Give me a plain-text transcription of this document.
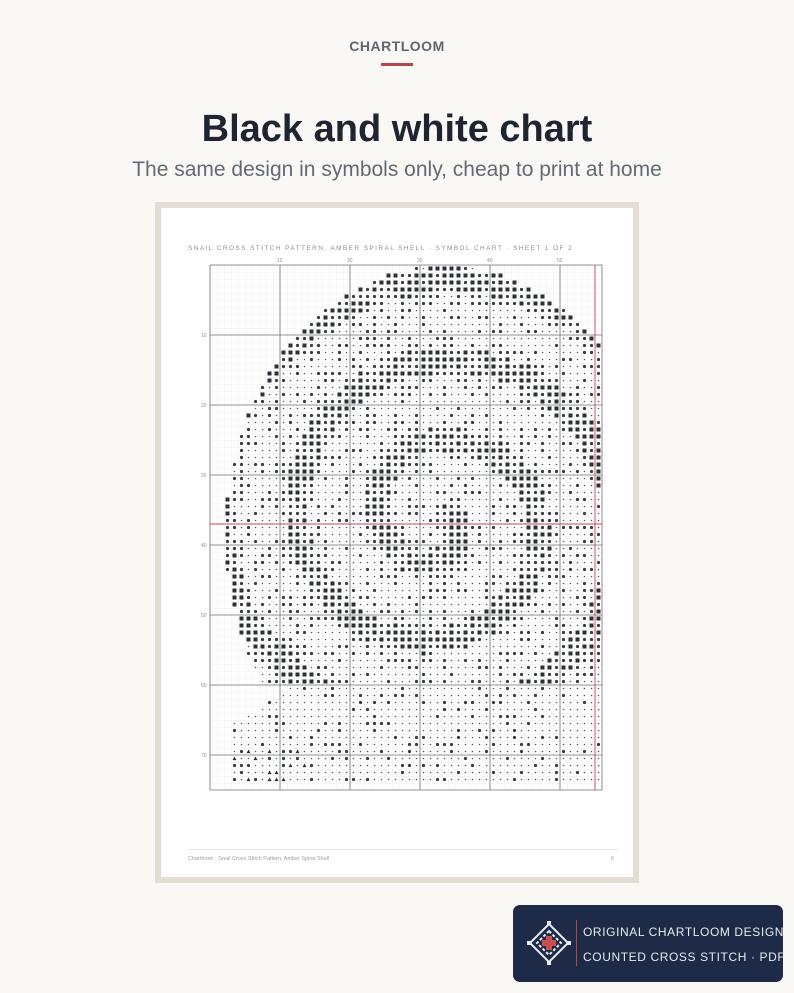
CHARTLOOM
Black and white chart
The same design in symbols only, cheap to print at home
SNAIL CROSS STITCH PATTERN, AMBER SPIRAL SHELL · SYMBOL CHART · SHEET 1 OF 2
10	20	30	40	50
10
20
30
40
50
60
70
Chartloom · Snail Cross Stitch Pattern, Amber Spiral Shell	6
ORIGINAL CHARTLOOM DESIGN
COUNTED CROSS STITCH · PDF
